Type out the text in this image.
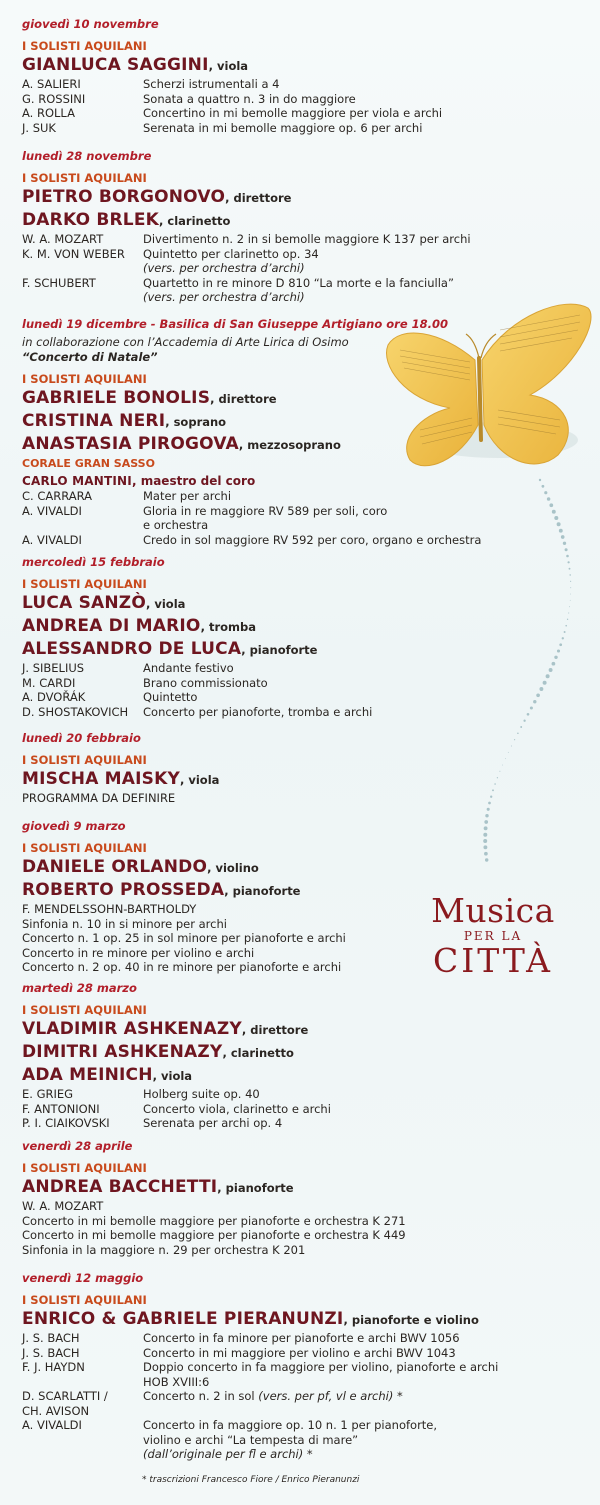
Musica
PER LA
CITTÀ
giovedì 10 novembre
I SOLISTI AQUILANI
GIANLUCA SAGGINI, viola
A. SALIERI	Scherzi istrumentali a 4
G. ROSSINI	Sonata a quattro n. 3 in do maggiore
A. ROLLA	Concertino in mi bemolle maggiore per viola e archi
J. SUK	Serenata in mi bemolle maggiore op. 6 per archi
lunedì 28 novembre
I SOLISTI AQUILANI
PIETRO BORGONOVO, direttore
DARKO BRLEK, clarinetto
W. A. MOZART	Divertimento n. 2 in si bemolle maggiore K 137 per archi
K. M. VON WEBER	Quintetto per clarinetto op. 34
(vers. per orchestra d’archi)
F. SCHUBERT	Quartetto in re minore D 810 “La morte e la fanciulla”
(vers. per orchestra d’archi)
lunedì 19 dicembre - Basilica di San Giuseppe Artigiano ore 18.00
in collaborazione con l’Accademia di Arte Lirica di Osimo
“Concerto di Natale”
I SOLISTI AQUILANI
GABRIELE BONOLIS, direttore
CRISTINA NERI, soprano
ANASTASIA PIROGOVA, mezzosoprano
CORALE GRAN SASSO
CARLO MANTINI, maestro del coro
C. CARRARA	Mater per archi
A. VIVALDI	Gloria in re maggiore RV 589 per soli, coro
e orchestra
A. VIVALDI	Credo in sol maggiore RV 592 per coro, organo e orchestra
mercoledì 15 febbraio
I SOLISTI AQUILANI
LUCA SANZÒ, viola
ANDREA DI MARIO, tromba
ALESSANDRO DE LUCA, pianoforte
J. SIBELIUS	Andante festivo
M. CARDI	Brano commissionato
A. DVOŘÁK	Quintetto
D. SHOSTAKOVICH	Concerto per pianoforte, tromba e archi
lunedì 20 febbraio
I SOLISTI AQUILANI
MISCHA MAISKY, viola
PROGRAMMA DA DEFINIRE
giovedì 9 marzo
I SOLISTI AQUILANI
DANIELE ORLANDO, violino
ROBERTO PROSSEDA, pianoforte
F. MENDELSSOHN-BARTHOLDY
Sinfonia n. 10 in si minore per archi
Concerto n. 1 op. 25 in sol minore per pianoforte e archi
Concerto in re minore per violino e archi
Concerto n. 2 op. 40 in re minore per pianoforte e archi
martedì 28 marzo
I SOLISTI AQUILANI
VLADIMIR ASHKENAZY, direttore
DIMITRI ASHKENAZY, clarinetto
ADA MEINICH, viola
E. GRIEG	Holberg suite op. 40
F. ANTONIONI	Concerto viola, clarinetto e archi
P. I. CIAIKOVSKI	Serenata per archi op. 4
venerdì 28 aprile
I SOLISTI AQUILANI
ANDREA BACCHETTI, pianoforte
W. A. MOZART
Concerto in mi bemolle maggiore per pianoforte e orchestra K 271
Concerto in mi bemolle maggiore per pianoforte e orchestra K 449
Sinfonia in la maggiore n. 29 per orchestra K 201
venerdì 12 maggio
I SOLISTI AQUILANI
ENRICO & GABRIELE PIERANUNZI, pianoforte e violino
J. S. BACH	Concerto in fa minore per pianoforte e archi BWV 1056
J. S. BACH	Concerto in mi maggiore per violino e archi BWV 1043
F. J. HAYDN	Doppio concerto in fa maggiore per violino, pianoforte e archi
HOB XVIII:6
D. SCARLATTI /	Concerto n. 2 in sol (vers. per pf, vl e archi) *
CH. AVISON
A. VIVALDI	Concerto in fa maggiore op. 10 n. 1 per pianoforte,
violino e archi “La tempesta di mare”
(dall’originale per fl e archi) *
* trascrizioni Francesco Fiore / Enrico Pieranunzi
